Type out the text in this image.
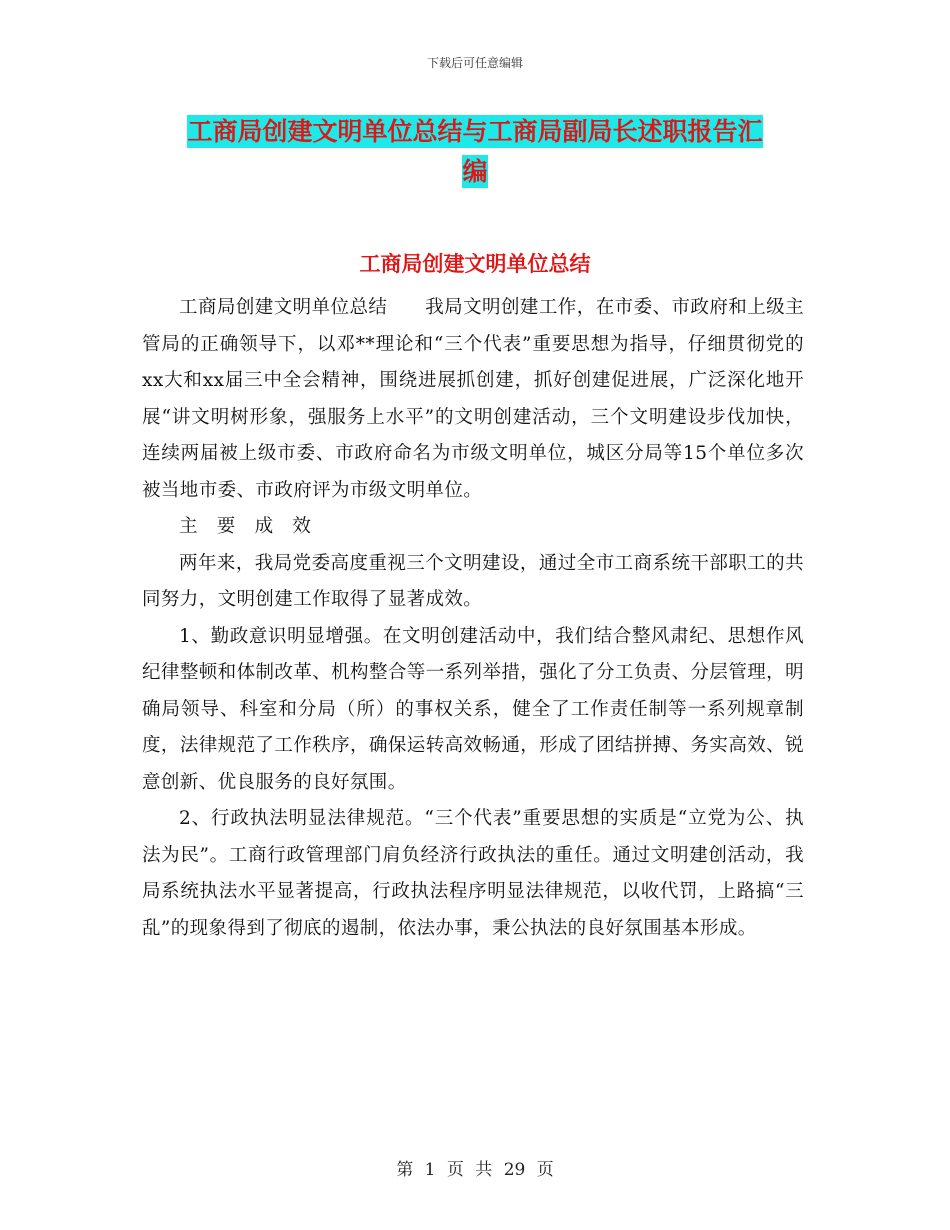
下载后可任意编辑
工商局创建文明单位总结与工商局副局长述职报告汇
编
工商局创建文明单位总结

工商局创建文明单位总结　　我局文明创建工作，在市委、市政府和上级主管局的正确领导下，以邓**理论和“三个代表”重要思想为指导，仔细贯彻党的xx大和xx届三中全会精神，围绕进展抓创建，抓好创建促进展，广泛深化地开展“讲文明树形象，强服务上水平”的文明创建活动，三个文明建设步伐加快，连续两届被上级市委、市政府命名为市级文明单位，城区分局等15个单位多次被当地市委、市政府评为市级文明单位。

主　要　成　效

两年来，我局党委高度重视三个文明建设，通过全市工商系统干部职工的共同努力，文明创建工作取得了显著成效。

1、勤政意识明显增强。在文明创建活动中，我们结合整风肃纪、思想作风纪律整顿和体制改革、机构整合等一系列举措，强化了分工负责、分层管理，明确局领导、科室和分局（所）的事权关系，健全了工作责任制等一系列规章制度，法律规范了工作秩序，确保运转高效畅通，形成了团结拼搏、务实高效、锐意创新、优良服务的良好氛围。

2、行政执法明显法律规范。“三个代表”重要思想的实质是“立党为公、执法为民”。工商行政管理部门肩负经济行政执法的重任。通过文明建创活动，我局系统执法水平显著提高，行政执法程序明显法律规范，以收代罚，上路搞“三乱”的现象得到了彻底的遏制，依法办事，秉公执法的良好氛围基本形成。

第 1 页 共 29 页
